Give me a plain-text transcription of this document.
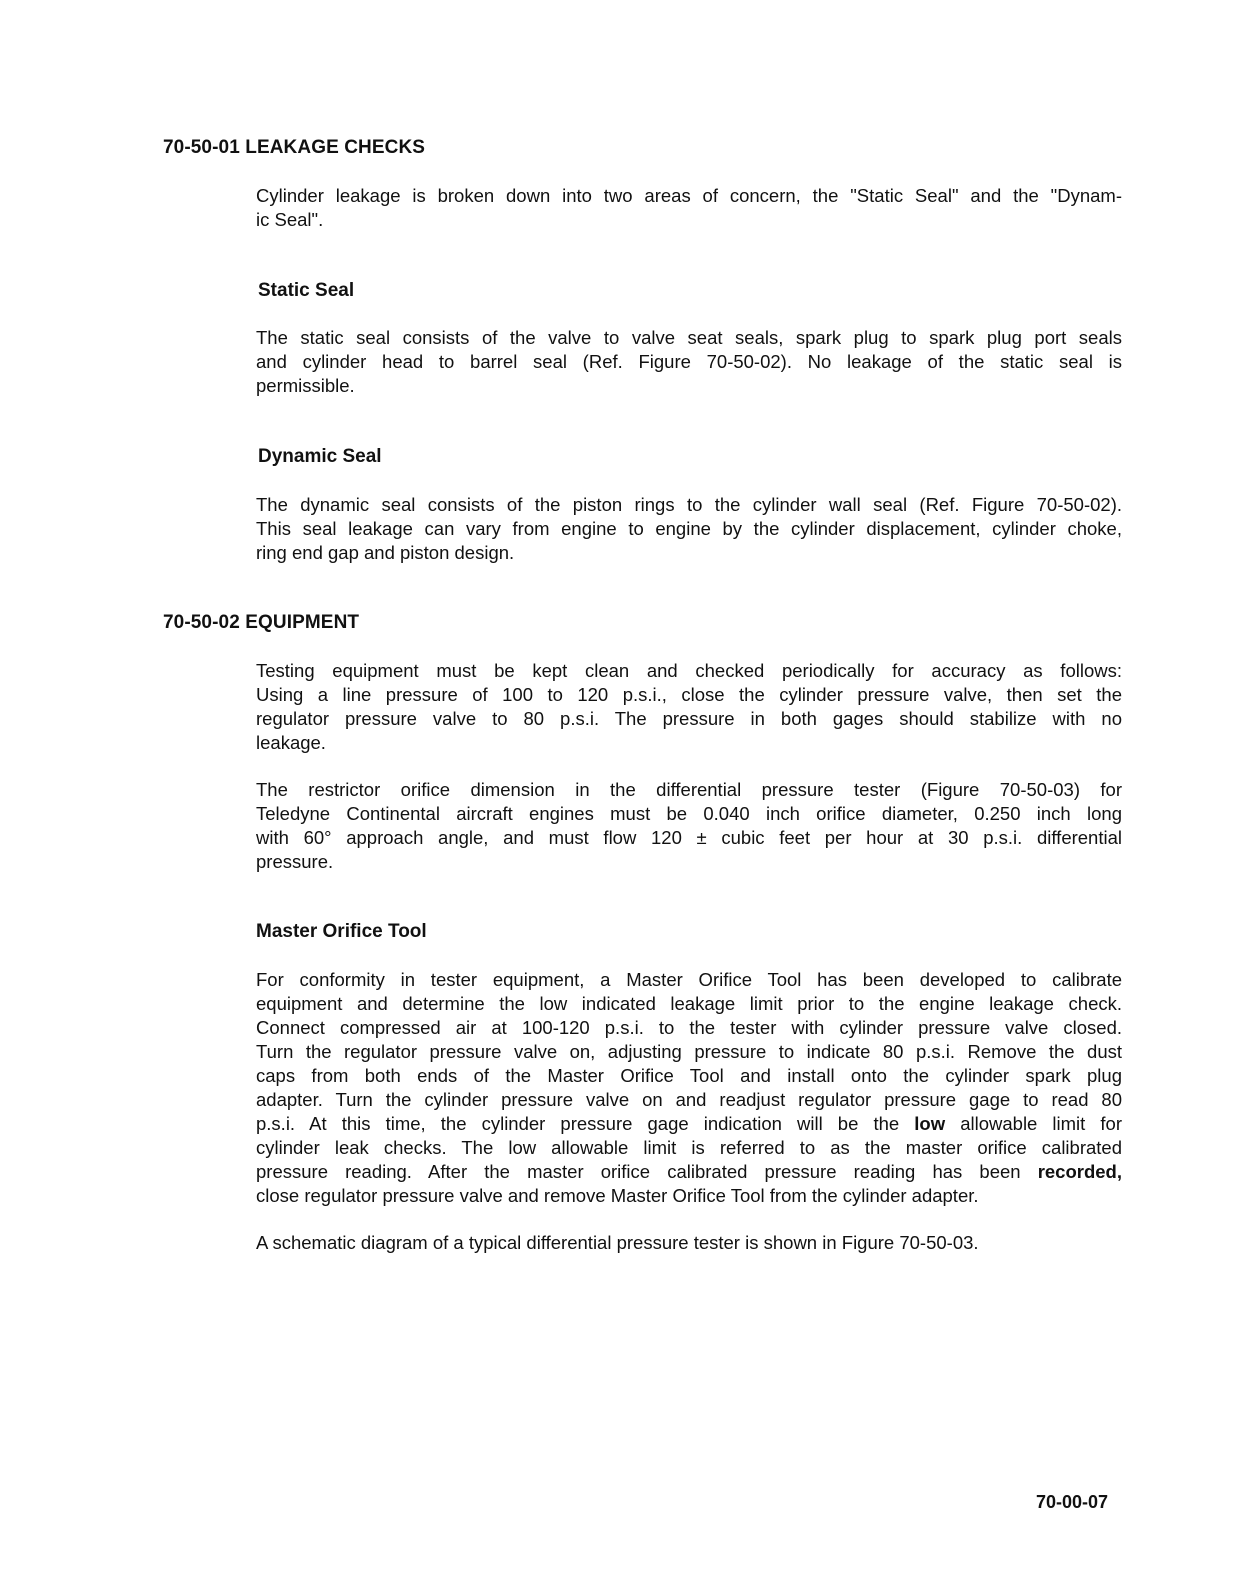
70-50-01 LEAKAGE CHECKS

Cylinder leakage is broken down into two areas of concern, the "Static Seal" and the "Dynam-
ic Seal".

Static Seal

The static seal consists of the valve to valve seat seals, spark plug to spark plug port seals
and cylinder head to barrel seal (Ref. Figure 70-50-02). No leakage of the static seal is
permissible.

Dynamic Seal

The dynamic seal consists of the piston rings to the cylinder wall seal (Ref. Figure 70-50-02).
This seal leakage can vary from engine to engine by the cylinder displacement, cylinder choke,
ring end gap and piston design.

70-50-02 EQUIPMENT

Testing equipment must be kept clean and checked periodically for accuracy as follows:
Using a line pressure of 100 to 120 p.s.i., close the cylinder pressure valve, then set the
regulator pressure valve to 80 p.s.i. The pressure in both gages should stabilize with no
leakage.

The restrictor orifice dimension in the differential pressure tester (Figure 70-50-03) for
Teledyne Continental aircraft engines must be 0.040 inch orifice diameter, 0.250 inch long
with 60° approach angle, and must flow 120 ± cubic feet per hour at 30 p.s.i. differential
pressure.

Master Orifice Tool

For conformity in tester equipment, a Master Orifice Tool has been developed to calibrate
equipment and determine the low indicated leakage limit prior to the engine leakage check.
Connect compressed air at 100-120 p.s.i. to the tester with cylinder pressure valve closed.
Turn the regulator pressure valve on, adjusting pressure to indicate 80 p.s.i. Remove the dust
caps from both ends of the Master Orifice Tool and install onto the cylinder spark plug
adapter. Turn the cylinder pressure valve on and readjust regulator pressure gage to read 80
p.s.i. At this time, the cylinder pressure gage indication will be the low allowable limit for
cylinder leak checks. The low allowable limit is referred to as the master orifice calibrated
pressure reading. After the master orifice calibrated pressure reading has been recorded,
close regulator pressure valve and remove Master Orifice Tool from the cylinder adapter.

A schematic diagram of a typical differential pressure tester is shown in Figure 70-50-03.

70-00-07
